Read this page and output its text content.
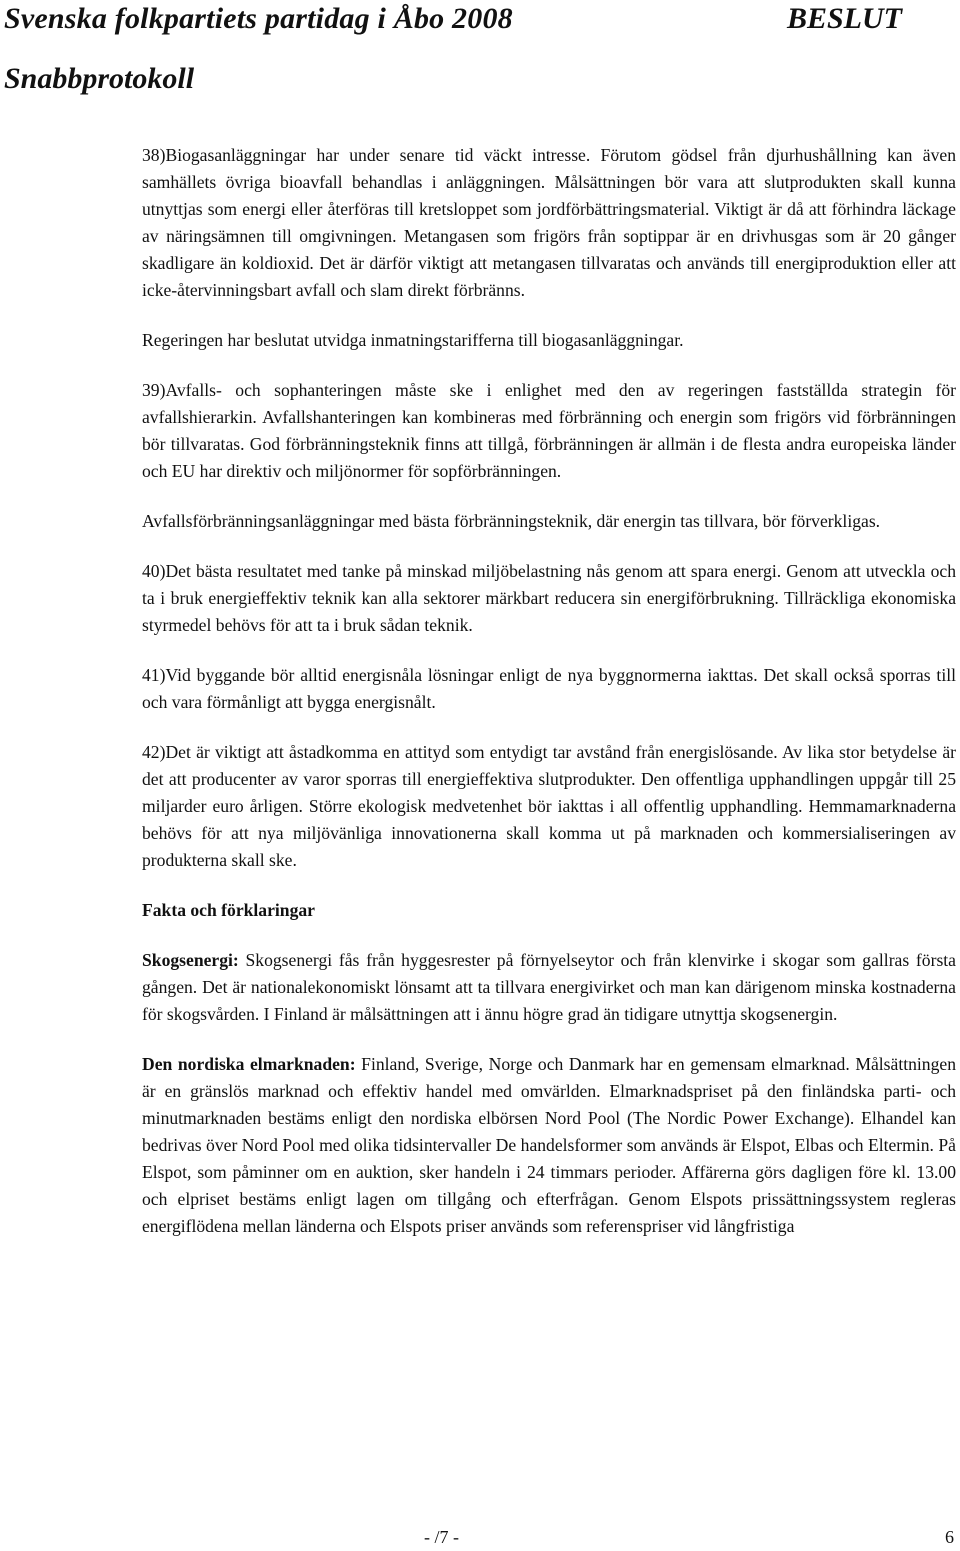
Svenska folkpartiets partidag i Åbo 2008	BESLUT
Snabbprotokoll

38)Biogasanläggningar har under senare tid väckt intresse. Förutom gödsel från djurhushållning kan även samhällets övriga bioavfall behandlas i anläggningen. Målsättningen bör vara att slutprodukten skall kunna utnyttjas som energi eller återföras till kretsloppet som jordförbättringsmaterial. Viktigt är då att förhindra läckage av näringsämnen till omgivningen. Metangasen som frigörs från soptippar är en drivhusgas som är 20 gånger skadligare än koldioxid. Det är därför viktigt att metangasen tillvaratas och används till energiproduktion eller att icke-återvinningsbart avfall och slam direkt förbränns.

Regeringen har beslutat utvidga inmatningstarifferna till biogasanläggningar.

39)Avfalls- och sophanteringen måste ske i enlighet med den av regeringen fastställda strategin för avfallshierarkin. Avfallshanteringen kan kombineras med förbränning och energin som frigörs vid förbränningen bör tillvaratas. God förbränningsteknik finns att tillgå, förbränningen är allmän i de flesta andra europeiska länder och EU har direktiv och miljönormer för sopförbränningen.

Avfallsförbränningsanläggningar med bästa förbränningsteknik, där energin tas tillvara, bör förverkligas.

40)Det bästa resultatet med tanke på minskad miljöbelastning nås genom att spara energi. Genom att utveckla och ta i bruk energieffektiv teknik kan alla sektorer märkbart reducera sin energiförbrukning. Tillräckliga ekonomiska styrmedel behövs för att ta i bruk sådan teknik.

41)Vid byggande bör alltid energisnåla lösningar enligt de nya byggnormerna iakttas. Det skall också sporras till och vara förmånligt att bygga energisnålt.

42)Det är viktigt att åstadkomma en attityd som entydigt tar avstånd från energislösande. Av lika stor betydelse är det att producenter av varor sporras till energieffektiva slutprodukter. Den offentliga upphandlingen uppgår till 25 miljarder euro årligen. Större ekologisk medvetenhet bör iakttas i all offentlig upphandling. Hemmamarknaderna behövs för att nya miljövänliga innovationerna skall komma ut på marknaden och kommersialiseringen av produkterna skall ske.

Fakta och förklaringar

Skogsenergi: Skogsenergi fås från hyggesrester på förnyelseytor och från klenvirke i skogar som gallras första gången. Det är nationalekonomiskt lönsamt att ta tillvara energivirket och man kan därigenom minska kostnaderna för skogsvården. I Finland är målsättningen att i ännu högre grad än tidigare utnyttja skogsenergin.

Den nordiska elmarknaden: Finland, Sverige, Norge och Danmark har en gemensam elmarknad. Målsättningen är en gränslös marknad och effektiv handel med omvärlden. Elmarknadspriset på den finländska parti- och minutmarknaden bestäms enligt den nordiska elbörsen Nord Pool (The Nordic Power Exchange). Elhandel kan bedrivas över Nord Pool med olika tidsintervaller De handelsformer som används är Elspot, Elbas och Eltermin. På Elspot, som påminner om en auktion, sker handeln i 24 timmars perioder. Affärerna görs dagligen före kl. 13.00 och elpriset bestäms enligt lagen om tillgång och efterfrågan. Genom Elspots prissättningssystem regleras energiflödena mellan länderna och Elspots priser används som referenspriser vid långfristiga

- /7 -	6
